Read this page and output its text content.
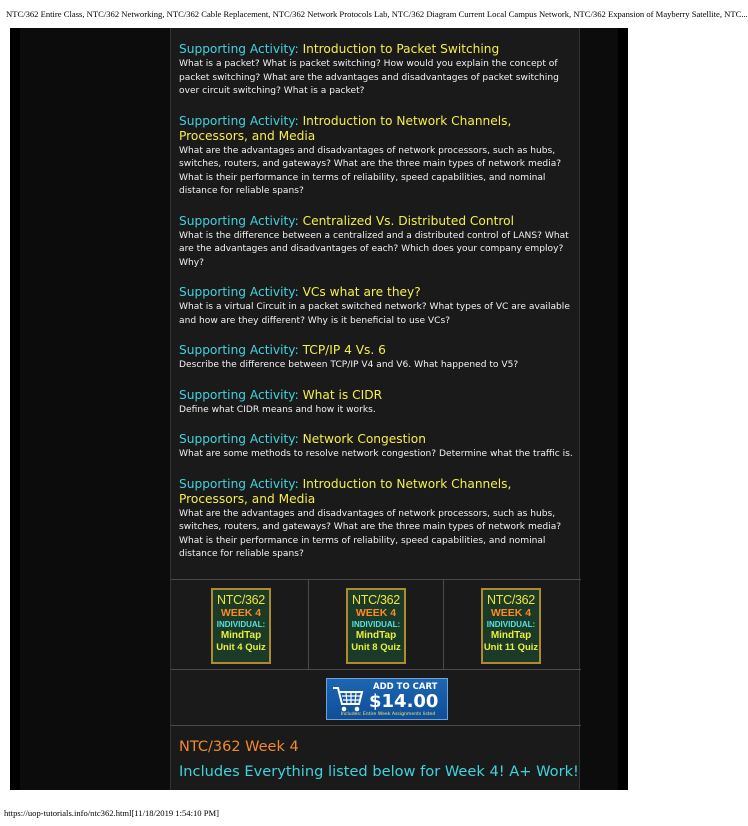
NTC/362 Entire Class, NTC/362 Networking, NTC/362 Cable Replacement, NTC/362 Network Protocols Lab, NTC/362 Diagram Current Local Campus Network, NTC/362 Expansion of Mayberry Satellite, NTC...
Supporting Activity: Introduction to Packet Switching
What is a packet? What is packet switching? How would you explain the concept of packet switching? What are the advantages and disadvantages of packet switching over circuit switching? What is a packet?
Supporting Activity: Introduction to Network Channels, Processors, and Media
What are the advantages and disadvantages of network processors, such as hubs, switches, routers, and gateways? What are the three main types of network media? What is their performance in terms of reliability, speed capabilities, and nominal distance for reliable spans?
Supporting Activity: Centralized Vs. Distributed Control
What is the difference between a centralized and a distributed control of LANS? What are the advantages and disadvantages of each? Which does your company employ? Why?
Supporting Activity: VCs what are they?
What is a virtual Circuit in a packet switched network? What types of VC are available and how are they different? Why is it beneficial to use VCs?
Supporting Activity: TCP/IP 4 Vs. 6
Describe the difference between TCP/IP V4 and V6. What happened to V5?
Supporting Activity: What is CIDR
Define what CIDR means and how it works.
Supporting Activity: Network Congestion
What are some methods to resolve network congestion? Determine what the traffic is.
Supporting Activity: Introduction to Network Channels, Processors, and Media
What are the advantages and disadvantages of network processors, such as hubs, switches, routers, and gateways? What are the three main types of network media? What is their performance in terms of reliability, speed capabilities, and nominal distance for reliable spans?
NTC/362
WEEK 4
INDIVIDUAL:
MindTap
Unit 4 Quiz
NTC/362
WEEK 4
INDIVIDUAL:
MindTap
Unit 8 Quiz
NTC/362
WEEK 4
INDIVIDUAL:
MindTap
Unit 11 Quiz
ADD TO CART
$14.00
Includes: Entire Week Assignments listed
NTC/362 Week 4
Includes Everything listed below for Week 4! A+ Work!
https://uop-tutorials.info/ntc362.html[11/18/2019 1:54:10 PM]
